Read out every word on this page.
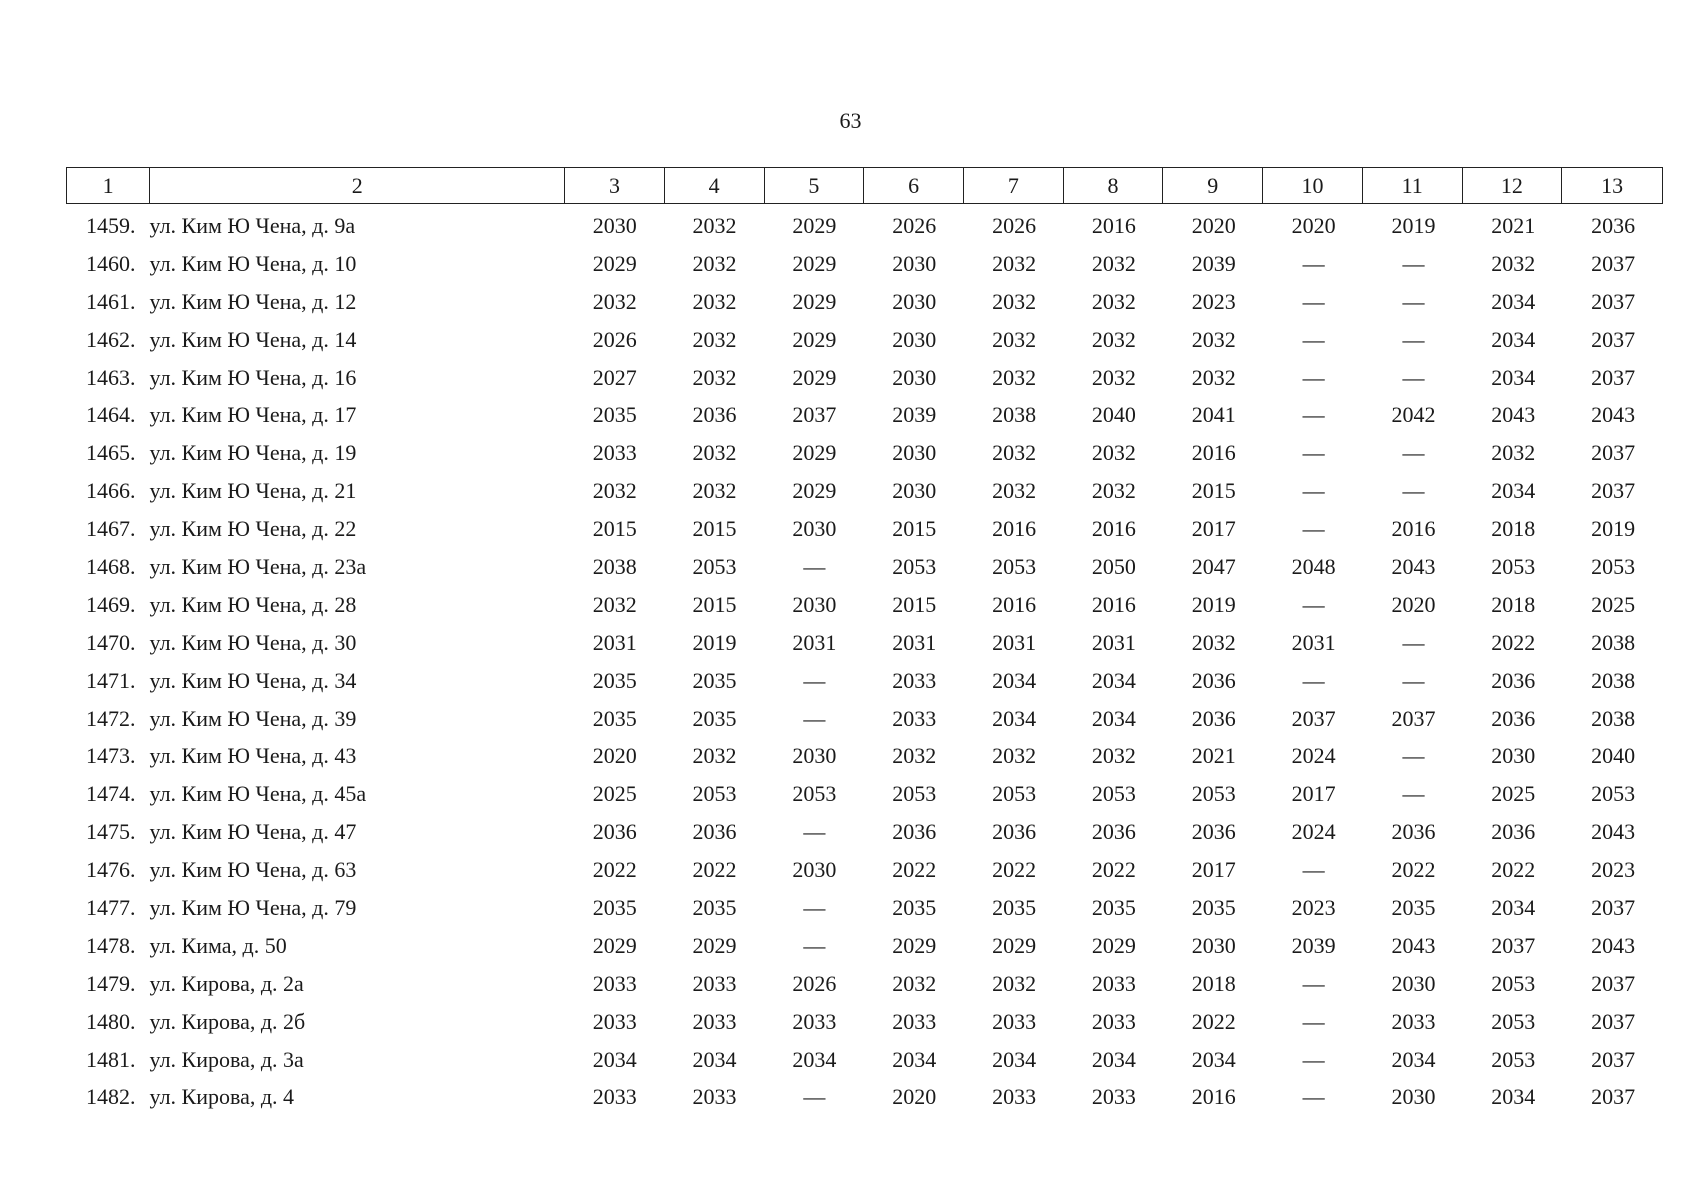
63
1	2	3	4	5	6	7	8	9	10	11	12	13
1459. ул. Ким Ю Чена, д. 9а	2030	2032	2029	2026	2026	2016	2020	2020	2019	2021	2036
1460. ул. Ким Ю Чена, д. 10	2029	2032	2029	2030	2032	2032	2039	—	—	2032	2037
1461. ул. Ким Ю Чена, д. 12	2032	2032	2029	2030	2032	2032	2023	—	—	2034	2037
1462. ул. Ким Ю Чена, д. 14	2026	2032	2029	2030	2032	2032	2032	—	—	2034	2037
1463. ул. Ким Ю Чена, д. 16	2027	2032	2029	2030	2032	2032	2032	—	—	2034	2037
1464. ул. Ким Ю Чена, д. 17	2035	2036	2037	2039	2038	2040	2041	—	2042	2043	2043
1465. ул. Ким Ю Чена, д. 19	2033	2032	2029	2030	2032	2032	2016	—	—	2032	2037
1466. ул. Ким Ю Чена, д. 21	2032	2032	2029	2030	2032	2032	2015	—	—	2034	2037
1467. ул. Ким Ю Чена, д. 22	2015	2015	2030	2015	2016	2016	2017	—	2016	2018	2019
1468. ул. Ким Ю Чена, д. 23а	2038	2053	—	2053	2053	2050	2047	2048	2043	2053	2053
1469. ул. Ким Ю Чена, д. 28	2032	2015	2030	2015	2016	2016	2019	—	2020	2018	2025
1470. ул. Ким Ю Чена, д. 30	2031	2019	2031	2031	2031	2031	2032	2031	—	2022	2038
1471. ул. Ким Ю Чена, д. 34	2035	2035	—	2033	2034	2034	2036	—	—	2036	2038
1472. ул. Ким Ю Чена, д. 39	2035	2035	—	2033	2034	2034	2036	2037	2037	2036	2038
1473. ул. Ким Ю Чена, д. 43	2020	2032	2030	2032	2032	2032	2021	2024	—	2030	2040
1474. ул. Ким Ю Чена, д. 45а	2025	2053	2053	2053	2053	2053	2053	2017	—	2025	2053
1475. ул. Ким Ю Чена, д. 47	2036	2036	—	2036	2036	2036	2036	2024	2036	2036	2043
1476. ул. Ким Ю Чена, д. 63	2022	2022	2030	2022	2022	2022	2017	—	2022	2022	2023
1477. ул. Ким Ю Чена, д. 79	2035	2035	—	2035	2035	2035	2035	2023	2035	2034	2037
1478. ул. Кима, д. 50	2029	2029	—	2029	2029	2029	2030	2039	2043	2037	2043
1479. ул. Кирова, д. 2а	2033	2033	2026	2032	2032	2033	2018	—	2030	2053	2037
1480. ул. Кирова, д. 2б	2033	2033	2033	2033	2033	2033	2022	—	2033	2053	2037
1481. ул. Кирова, д. 3а	2034	2034	2034	2034	2034	2034	2034	—	2034	2053	2037
1482. ул. Кирова, д. 4	2033	2033	—	2020	2033	2033	2016	—	2030	2034	2037
